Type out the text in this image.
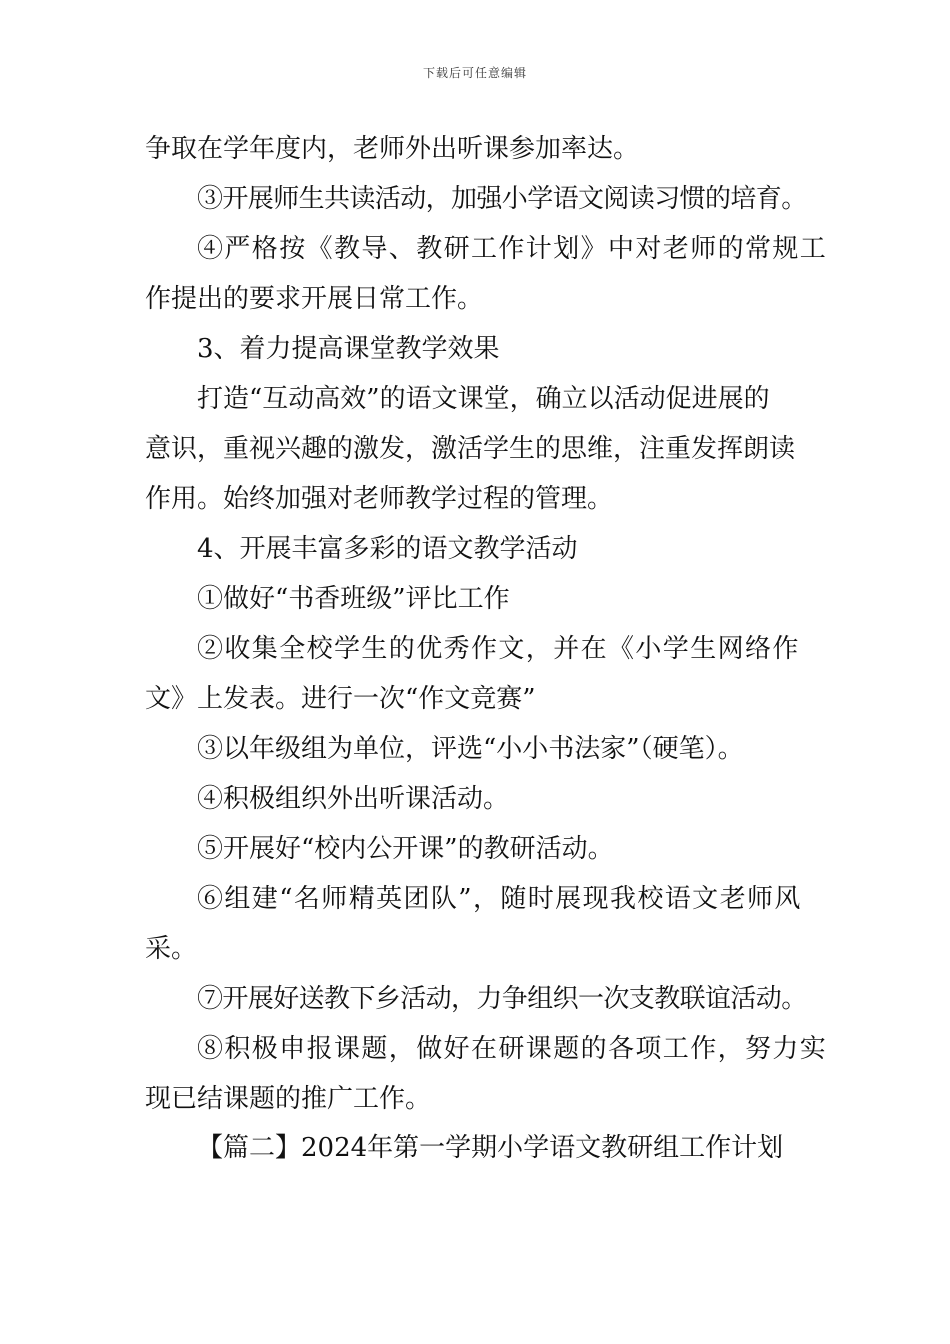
下载后可任意编辑
争取在学年度内，老师外出听课参加率达。
③开展师生共读活动，加强小学语文阅读习惯的培育。
④严格按《教导、教研工作计划》中对老师的常规工
作提出的要求开展日常工作。
3、着力提高课堂教学效果
打造“互动高效”的语文课堂，确立以活动促进展的
意识，重视兴趣的激发，激活学生的思维，注重发挥朗读
作用。始终加强对老师教学过程的管理。
4、开展丰富多彩的语文教学活动
①做好“书香班级”评比工作
②收集全校学生的优秀作文，并在《小学生网络作
文》上发表。进行一次“作文竞赛”
③以年级组为单位，评选“小小书法家”（硬笔）。
④积极组织外出听课活动。
⑤开展好“校内公开课”的教研活动。
⑥组建“名师精英团队”，随时展现我校语文老师风
采。
⑦开展好送教下乡活动，力争组织一次支教联谊活动。
⑧积极申报课题，做好在研课题的各项工作，努力实
现已结课题的推广工作。
【篇二】2024年第一学期小学语文教研组工作计划
